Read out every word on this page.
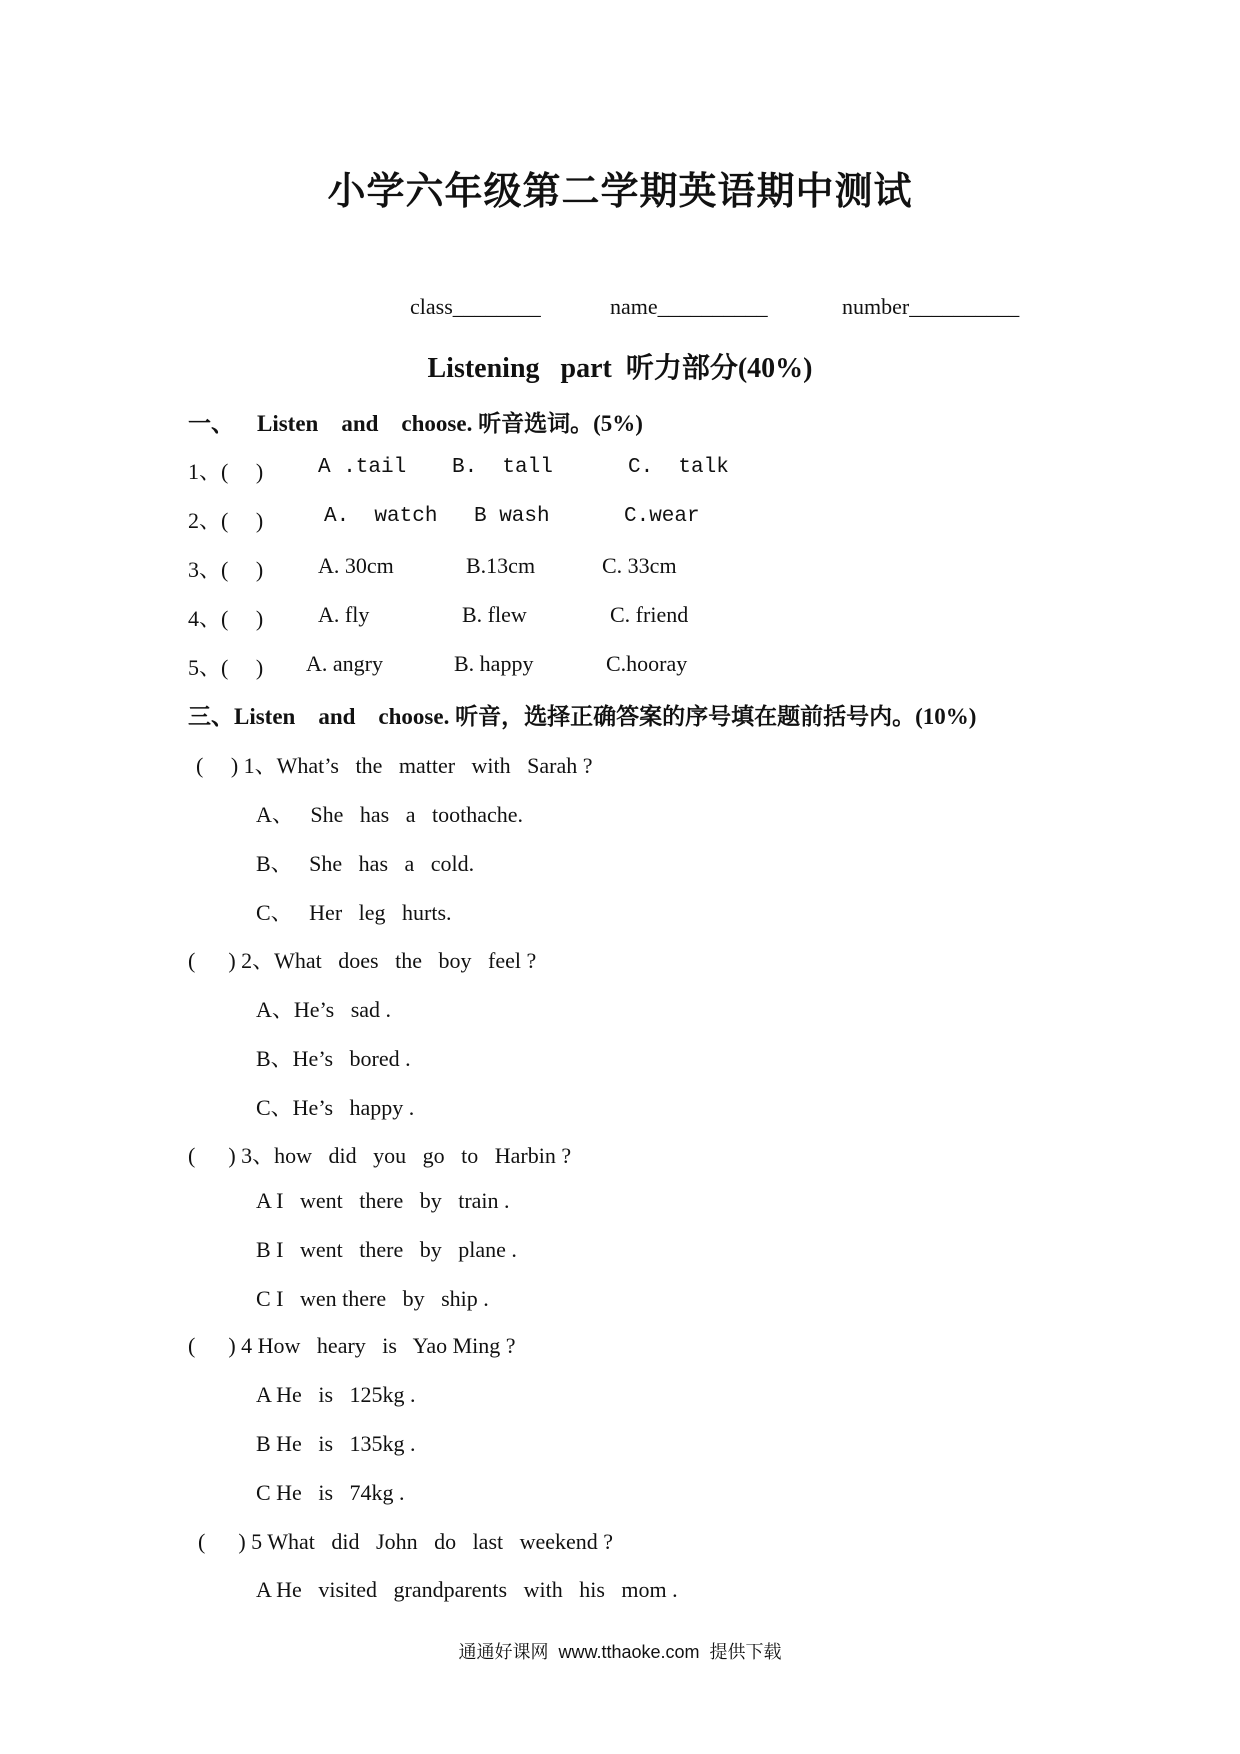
小学六年级第二学期英语期中测试
class________	name__________	number__________
Listening   part  听力部分(40%)
一、    Listen    and    choose. 听音选词。(5%)
1、(     )	A .tail B.  tall	C.  talk
2、(     )	A.  watch B wash	C.wear
3、(     ) A. 30cm	B.13cm	C. 33cm
4、(     ) A. fly	B. flew	C. friend
5、(     ) A. angry	B. happy	C.hooray
三、Listen    and    choose. 听音，选择正确答案的序号填在题前括号内。(10%)
(     ) 1、What’s   the   matter   with   Sarah ?
A、   She   has   a   toothache.
B、   She   has   a   cold.
C、   Her   leg   hurts.
(      ) 2、What   does   the   boy   feel ?
A、He’s   sad .
B、He’s   bored .
C、He’s   happy .
(      ) 3、how   did   you   go   to   Harbin ?
A I   went   there   by   train .
B I   went   there   by   plane .
C I   wen there   by   ship .
(      ) 4 How   heary   is   Yao Ming ?
A He   is   125kg .
B He   is   135kg .
C He   is   74kg .
(      ) 5 What   did   John   do   last   weekend ?
A He   visited   grandparents   with   his   mom .
通通好课网  www.tthaoke.com  提供下载
